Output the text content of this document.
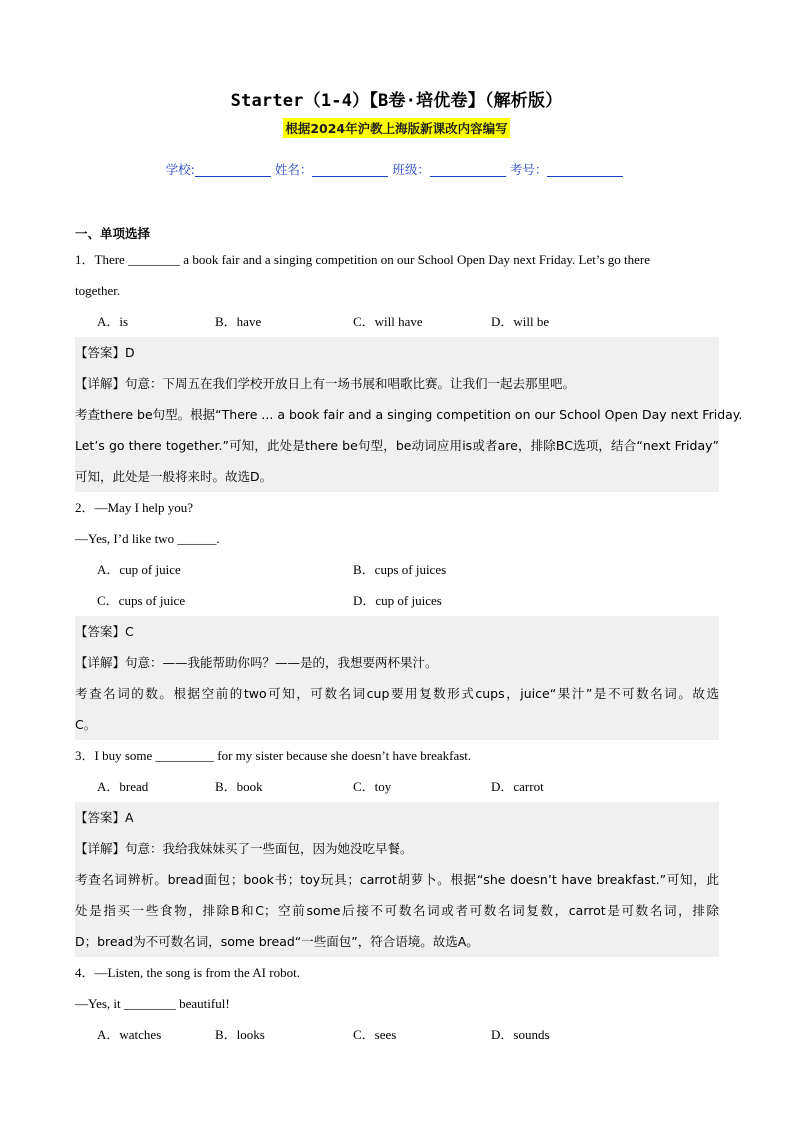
Starter（1-4）【B卷·培优卷】（解析版）
根据2024年沪教上海版新课改内容编写
学校:	姓名：	班级：	考号：
一、单项选择
1．There ________ a book fair and a singing competition on our School Open Day next Friday. Let’s go there
together.
A．is	B．have	C．will have	D．will be
【答案】D
【详解】句意：下周五在我们学校开放日上有一场书展和唱歌比赛。让我们一起去那里吧。
考查there be句型。根据“There ... a book fair and a singing competition on our School Open Day next Friday.
Let’s go there together.”可知，此处是there be句型，be动词应用is或者are，排除BC选项，结合“next Friday”
可知，此处是一般将来时。故选D。
2．—May I help you?
—Yes, I’d like two ______.
A．cup of juice	B．cups of juices
C．cups of juice	D．cup of juices
【答案】C
【详解】句意：——我能帮助你吗？——是的，我想要两杯果汁。
考查名词的数。根据空前的two可知，可数名词cup要用复数形式cups，juice“果汁”是不可数名词。故选
C。
3．I buy some _________ for my sister because she doesn’t have breakfast.
A．bread	B．book	C．toy	D．carrot
【答案】A
【详解】句意：我给我妹妹买了一些面包，因为她没吃早餐。
考查名词辨析。bread面包；book书；toy玩具；carrot胡萝卜。根据“she doesn’t have breakfast.”可知，此
处是指买一些食物，排除B和C；空前some后接不可数名词或者可数名词复数，carrot是可数名词，排除
D；bread为不可数名词，some bread“一些面包”，符合语境。故选A。
4．—Listen, the song is from the AI robot.
—Yes, it ________ beautiful!
A．watches	B．looks	C．sees	D．sounds
